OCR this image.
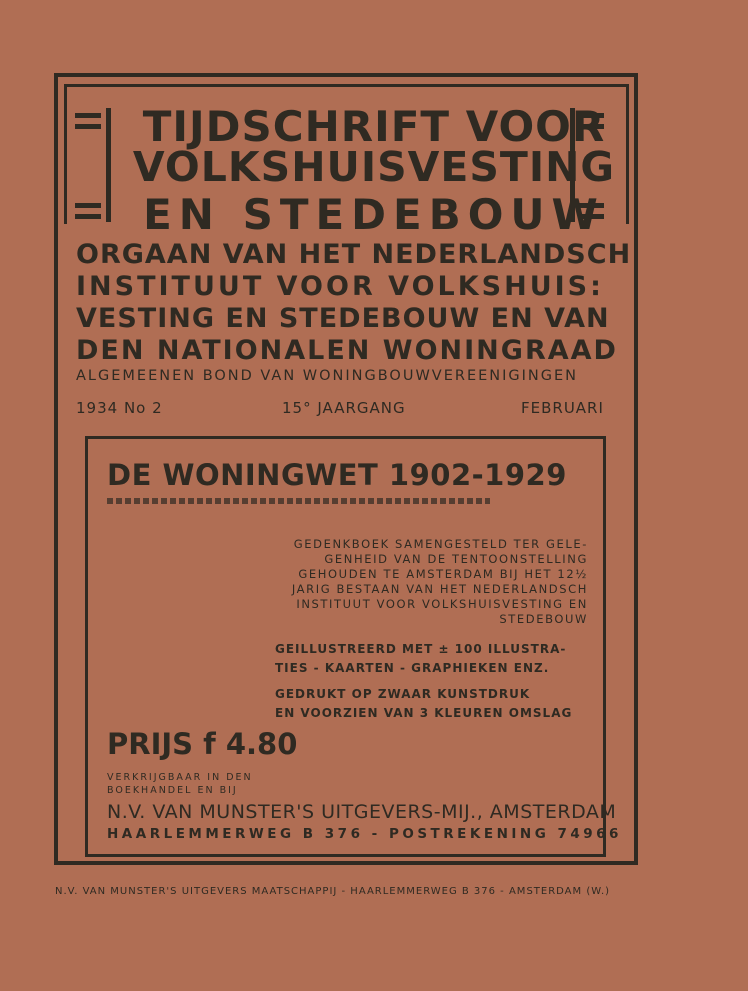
TIJDSCHRIFT VOOR
VOLKSHUISVESTING
EN STEDEBOUW
ORGAAN VAN HET NEDERLANDSCH
INSTITUUT VOOR VOLKSHUIS:
VESTING EN STEDEBOUW EN VAN
DEN NATIONALEN WONINGRAAD
ALGEMEENEN BOND VAN WONINGBOUWVEREENIGINGEN
1934 No 2	15° JAARGANG	FEBRUARI
DE WONINGWET 1902-1929
GEDENKBOEK SAMENGESTELD TER GELE-
GENHEID VAN DE TENTOONSTELLING
GEHOUDEN TE AMSTERDAM BIJ HET 12½
JARIG BESTAAN VAN HET NEDERLANDSCH
INSTITUUT VOOR VOLKSHUISVESTING EN
STEDEBOUW
GEILLUSTREERD MET ± 100 ILLUSTRA-
TIES - KAARTEN - GRAPHIEKEN ENZ.
GEDRUKT OP ZWAAR KUNSTDRUK
EN VOORZIEN VAN 3 KLEUREN OMSLAG
PRIJS f 4.80
VERKRIJGBAAR IN DEN
BOEKHANDEL EN BIJ
N.V. VAN MUNSTER'S UITGEVERS-MIJ., AMSTERDAM
HAARLEMMERWEG B 376 - POSTREKENING 74966
N.V. VAN MUNSTER'S UITGEVERS MAATSCHAPPIJ - HAARLEMMERWEG B 376 - AMSTERDAM (W.)
